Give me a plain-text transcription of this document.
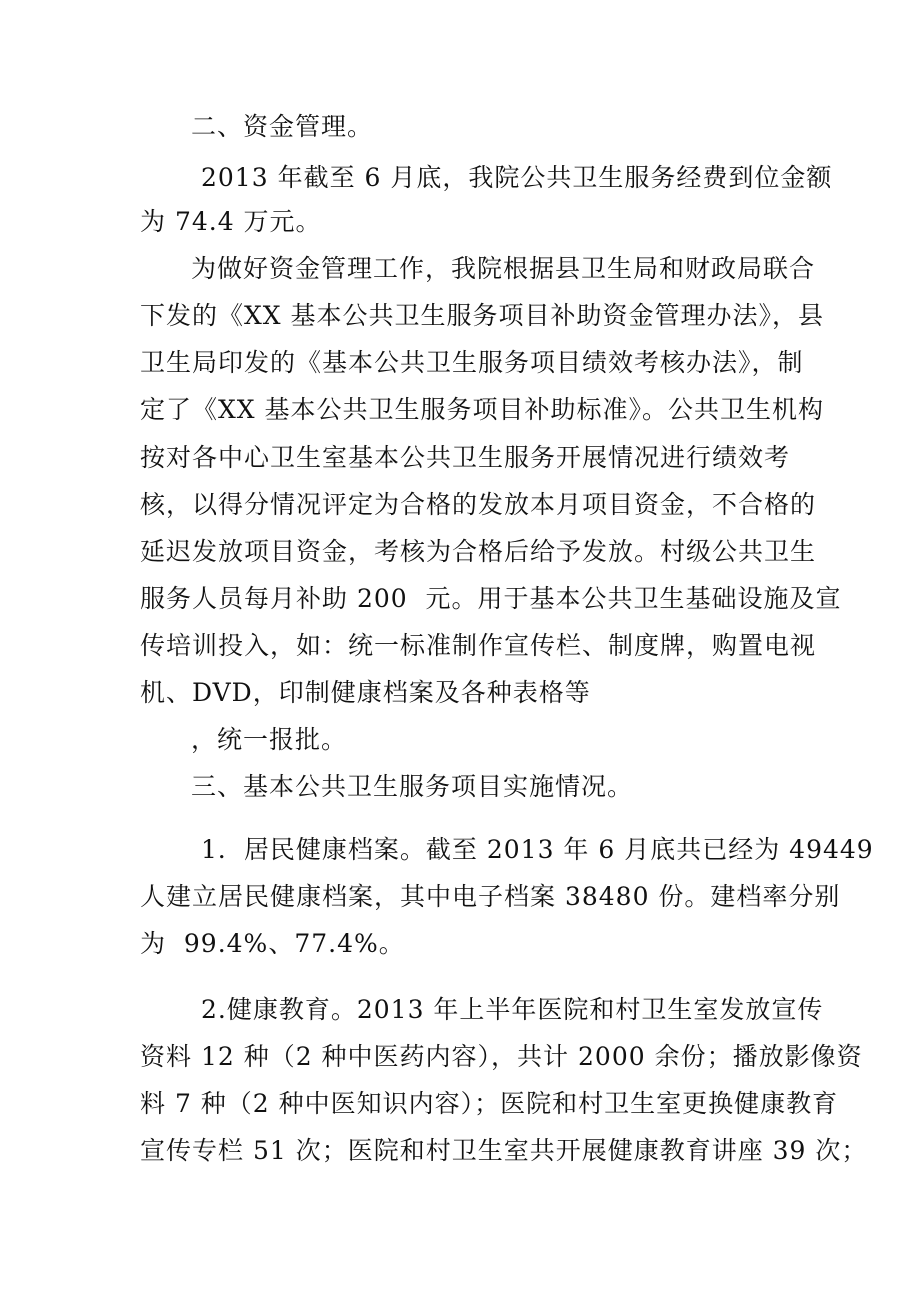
二、资金管理。
2013 年截至 6 月底，我院公共卫生服务经费到位金额
为 74.4 万元。
为做好资金管理工作，我院根据县卫生局和财政局联合
下发的《XX 基本公共卫生服务项目补助资金管理办法》，县
卫生局印发的《基本公共卫生服务项目绩效考核办法》，制
定了《XX 基本公共卫生服务项目补助标准》。公共卫生机构
按对各中心卫生室基本公共卫生服务开展情况进行绩效考
核，以得分情况评定为合格的发放本月项目资金，不合格的
延迟发放项目资金，考核为合格后给予发放。村级公共卫生
服务人员每月补助 200  元。用于基本公共卫生基础设施及宣
传培训投入，如：统一标准制作宣传栏、制度牌，购置电视
机、DVD，印制健康档案及各种表格等
，统一报批。
三、基本公共卫生服务项目实施情况。
1．居民健康档案。截至 2013 年 6 月底共已经为 49449
人建立居民健康档案，其中电子档案 38480 份。建档率分别
为  99.4%、77.4%。
2.健康教育。2013 年上半年医院和村卫生室发放宣传
资料 12 种（2 种中医药内容），共计 2000 余份；播放影像资
料 7 种（2 种中医知识内容）；医院和村卫生室更换健康教育
宣传专栏 51 次；医院和村卫生室共开展健康教育讲座 39 次；
